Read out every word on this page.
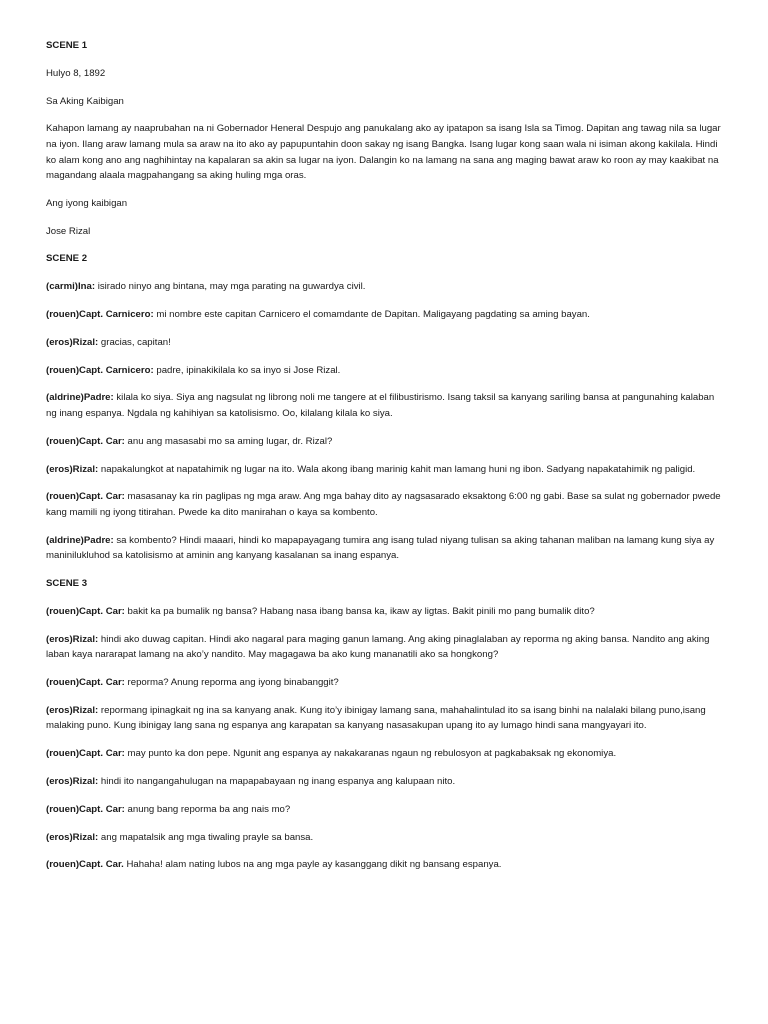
SCENE 1

Hulyo 8, 1892

Sa Aking Kaibigan

Kahapon lamang ay naaprubahan na ni Gobernador Heneral Despujo ang panukalang ako ay ipatapon sa isang Isla sa Timog. Dapitan ang tawag nila sa lugar na iyon. Ilang araw lamang mula sa araw na ito ako ay papupuntahin doon sakay ng isang Bangka. Isang lugar kong saan wala ni isiman akong kakilala. Hindi ko alam kong ano ang naghihintay na kapalaran sa akin sa lugar na iyon. Dalangin ko na lamang na sana ang maging bawat araw ko roon ay may kaakibat na magandang alaala magpahangang sa aking huling mga oras.

Ang iyong kaibigan

Jose Rizal

SCENE 2

(carmi)Ina: isirado ninyo ang bintana, may mga parating na guwardya civil.

(rouen)Capt. Carnicero: mi nombre este capitan Carnicero el comamdante de Dapitan. Maligayang pagdating sa aming bayan.

(eros)Rizal: gracias, capitan!

(rouen)Capt. Carnicero: padre, ipinakikilala ko sa inyo si Jose Rizal.

(aldrine)Padre: kilala ko siya. Siya ang nagsulat ng librong noli me tangere at el filibustirismo. Isang taksil sa kanyang sariling bansa at pangunahing kalaban ng inang espanya. Ngdala ng kahihiyan sa katolisismo. Oo, kilalang kilala ko siya.

(rouen)Capt. Car: anu ang masasabi mo sa aming lugar, dr. Rizal?

(eros)Rizal: napakalungkot at napatahimik ng lugar na ito. Wala akong ibang marinig kahit man lamang huni ng ibon. Sadyang napakatahimik ng paligid.

(rouen)Capt. Car: masasanay ka rin paglipas ng mga araw. Ang mga bahay dito ay nagsasarado eksaktong 6:00 ng gabi. Base sa sulat ng gobernador pwede kang mamili ng iyong titirahan. Pwede ka dito manirahan o kaya sa kombento.

(aldrine)Padre: sa kombento? Hindi maaari, hindi ko mapapayagang tumira ang isang tulad niyang tulisan sa aking tahanan maliban na lamang kung siya ay maninilukluhod sa katolisismo at aminin ang kanyang kasalanan sa inang espanya.

SCENE 3

(rouen)Capt. Car: bakit ka pa bumalik ng bansa? Habang nasa ibang bansa ka, ikaw ay ligtas. Bakit pinili mo pang bumalik dito?

(eros)Rizal: hindi ako duwag capitan. Hindi ako nagaral para maging ganun lamang. Ang aking pinaglalaban ay reporma ng aking bansa. Nandito ang aking laban kaya nararapat lamang na ako’y nandito. May magagawa ba ako kung mananatili ako sa hongkong?

(rouen)Capt. Car: reporma? Anung reporma ang iyong binabanggit?

(eros)Rizal: repormang ipinagkait ng ina sa kanyang anak. Kung ito’y ibinigay lamang sana, mahahalintulad ito sa isang binhi na nalalaki bilang puno,isang malaking puno. Kung ibinigay lang sana ng espanya ang karapatan sa kanyang nasasakupan upang ito ay lumago hindi sana mangyayari ito.

(rouen)Capt. Car: may punto ka don pepe. Ngunit ang espanya ay nakakaranas ngaun ng rebulosyon at pagkabaksak ng ekonomiya.

(eros)Rizal: hindi ito nangangahulugan na mapapabayaan ng inang espanya ang kalupaan nito.

(rouen)Capt. Car: anung bang reporma ba ang nais mo?

(eros)Rizal: ang mapatalsik ang mga tiwaling prayle sa bansa.

(rouen)Capt. Car. Hahaha! alam nating lubos na ang mga payle ay kasanggang dikit ng bansang espanya.
